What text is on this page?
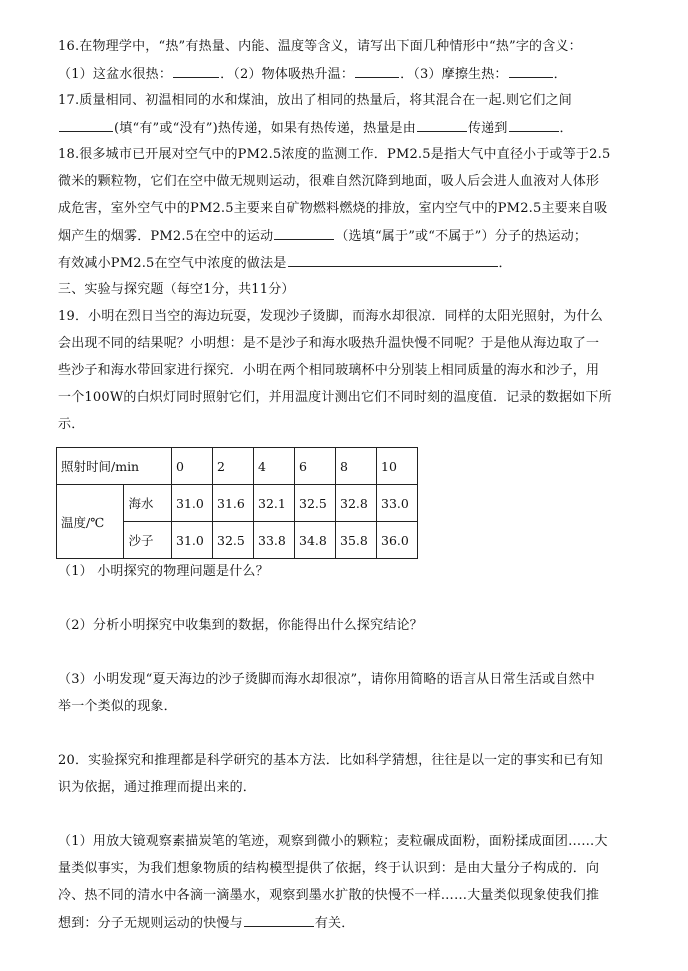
16.在物理学中，“热”有热量、内能、温度等含义，请写出下面几种情形中“热”字的含义：
（1）这盆水很热：	．（2）物体吸热升温：	．（3）摩擦生热：	．
17.质量相同、初温相同的水和煤油，放出了相同的热量后，将其混合在一起.则它们之间
(填“有”或“没有”)热传递，如果有热传递，热量是由	传递到	．
18.很多城市已开展对空气中的PM2.5浓度的监测工作．PM2.5是指大气中直径小于或等于2.5
微米的颗粒物，它们在空中做无规则运动，很难自然沉降到地面，吸人后会进人血液对人体形
成危害，室外空气中的PM2.5主要来自矿物燃料燃烧的排放，室内空气中的PM2.5主要来自吸
烟产生的烟雾．PM2.5在空中的运动	（选填“属于”或“不属于”）分子的热运动；
有效减小PM2.5在空气中浓度的做法是	．
三、实验与探究题（每空1分，共11分）
19．小明在烈日当空的海边玩耍，发现沙子烫脚，而海水却很凉．同样的太阳光照射，为什么
会出现不同的结果呢？小明想：是不是沙子和海水吸热升温快慢不同呢？于是他从海边取了一
些沙子和海水带回家进行探究．小明在两个相同玻璃杯中分别装上相同质量的海水和沙子，用
一个100W的白炽灯同时照射它们，并用温度计测出它们不同时刻的温度值．记录的数据如下所
示．
照射时间/min		0	2	4	6	8	10
温度/℃	海水	31.0	31.6	32.1	32.5	32.8	33.0
	沙子	31.0	32.5	33.8	34.8	35.8	36.0
（1） 小明探究的物理问题是什么？
（2）分析小明探究中收集到的数据，你能得出什么探究结论？
（3）小明发现“夏天海边的沙子烫脚而海水却很凉”，请你用简略的语言从日常生活或自然中
举一个类似的现象．
20．实验探究和推理都是科学研究的基本方法．比如科学猜想，往往是以一定的事实和已有知
识为依据，通过推理而提出来的．
（1）用放大镜观察素描炭笔的笔迹，观察到微小的颗粒；麦粒碾成面粉，面粉揉成面团……大
量类似事实，为我们想象物质的结构模型提供了依据，终于认识到：是由大量分子构成的．向
冷、热不同的清水中各滴一滴墨水，观察到墨水扩散的快慢不一样……大量类似现象使我们推
想到：分子无规则运动的快慢与	有关．
